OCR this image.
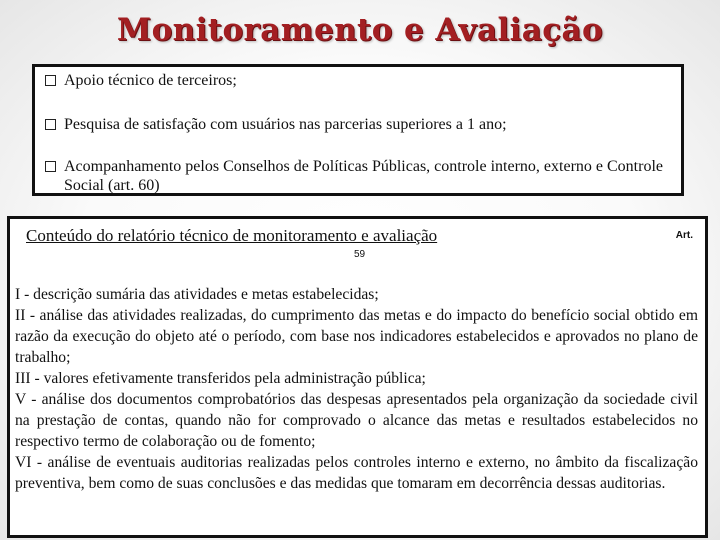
Monitoramento e Avaliação
Apoio técnico de terceiros;
Pesquisa de satisfação com usuários nas parcerias superiores a 1 ano;
Acompanhamento pelos Conselhos de Políticas Públicas, controle interno, externo e Controle Social (art. 60)
Conteúdo do relatório técnico de monitoramento e avaliação	Art.
59

I - descrição sumária das atividades e metas estabelecidas;

II - análise das atividades realizadas, do cumprimento das metas e do impacto do benefício social obtido em razão da execução do objeto até o período, com base nos indicadores estabelecidos e aprovados no plano de trabalho;

III - valores efetivamente transferidos pela administração pública;

V - análise dos documentos comprobatórios das despesas apresentados pela organização da sociedade civil na prestação de contas, quando não for comprovado o alcance das metas e resultados estabelecidos no respectivo termo de colaboração ou de fomento;

VI - análise de eventuais auditorias realizadas pelos controles interno e externo, no âmbito da fiscalização preventiva, bem como de suas conclusões e das medidas que tomaram em decorrência dessas auditorias.
